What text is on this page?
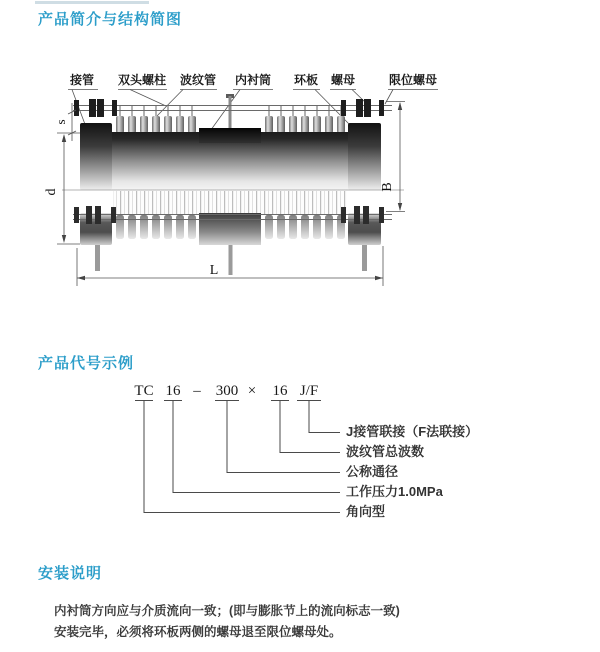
产品简介与结构简图
接管 双头螺柱 波纹管 内衬筒 环板 螺母	限位螺母
s
d
B
L
产品代号示例
TC 16 –	300 ×	16 J/F
J接管联接（F法联接）
波纹管总波数
公称通径
工作压力1.0MPa
角向型
安装说明

内衬筒方向应与介质流向一致；(即与膨胀节上的流向标志一致)

安装完毕，必须将环板两侧的螺母退至限位螺母处。
